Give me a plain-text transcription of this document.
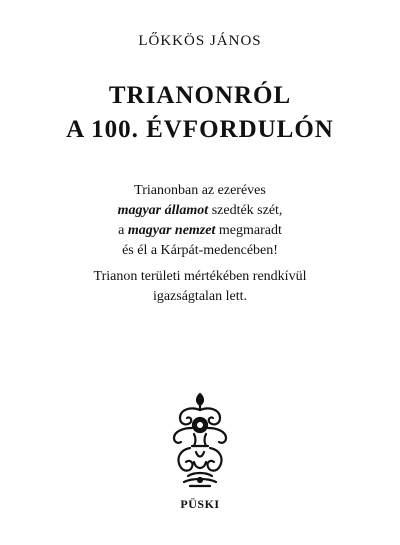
LŐKKÖS JÁNOS
TRIANONRÓL
A 100. ÉVFORDULÓN
Trianonban az ezeréves
magyar államot szedték szét,
a magyar nemzet megmaradt
és él a Kárpát-medencében!
Trianon területi mértékében rendkívül
igazságtalan lett.
PÜSKI
